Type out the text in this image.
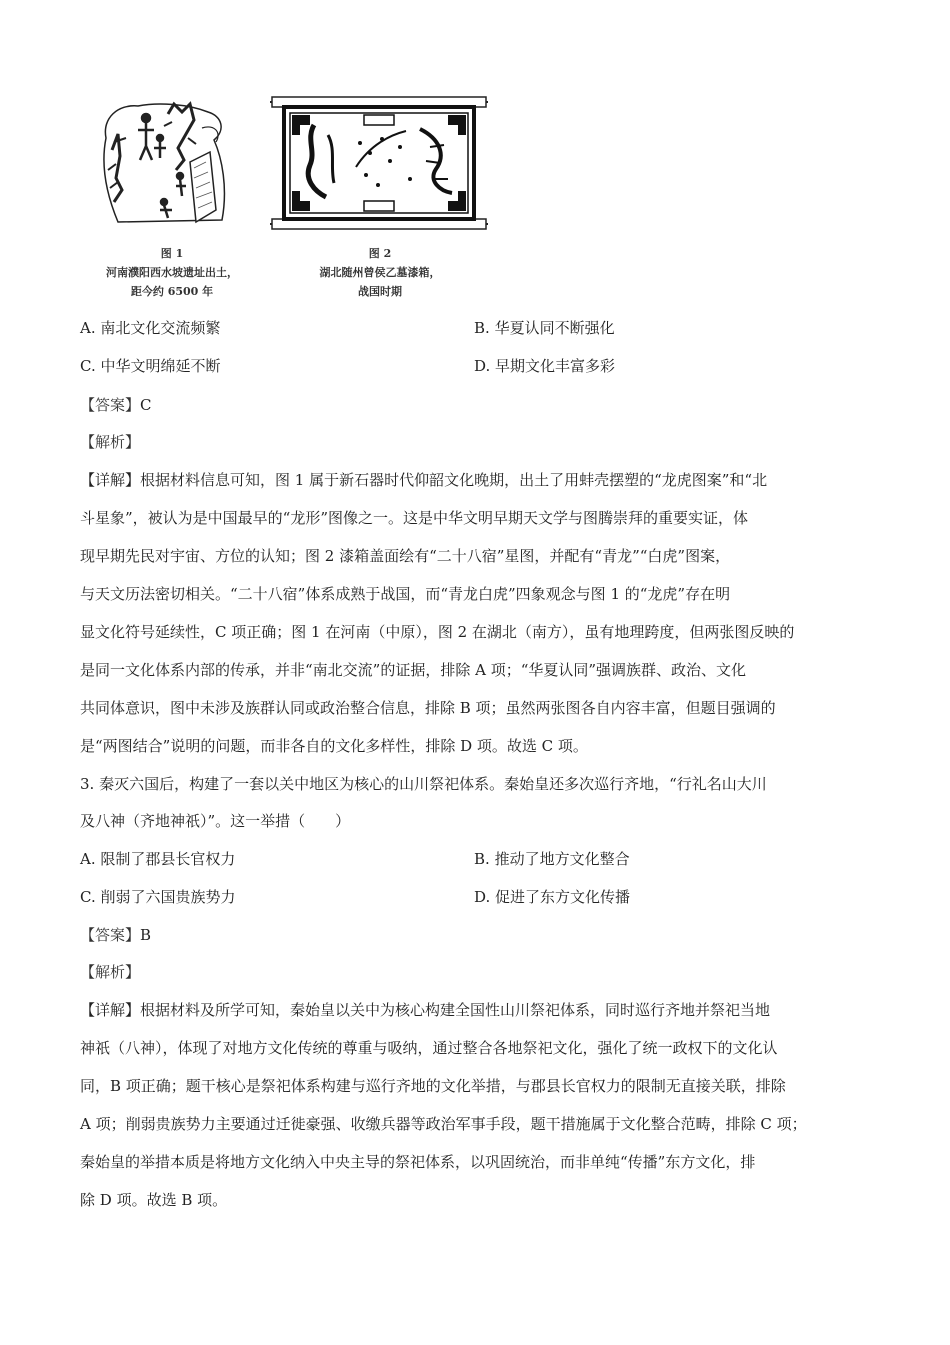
图 1
河南濮阳西水坡遗址出土，
距今约 6500 年
图 2
湖北随州曾侯乙墓漆箱，
战国时期
A. 南北文化交流频繁	B. 华夏认同不断强化
C. 中华文明绵延不断	D. 早期文化丰富多彩
【答案】C
【解析】
【详解】根据材料信息可知，图 1 属于新石器时代仰韶文化晚期，出土了用蚌壳摆塑的“龙虎图案”和“北
斗星象”，被认为是中国最早的“龙形”图像之一。这是中华文明早期天文学与图腾崇拜的重要实证，体
现早期先民对宇宙、方位的认知；图 2 漆箱盖面绘有“二十八宿”星图，并配有“青龙”“白虎”图案，
与天文历法密切相关。“二十八宿”体系成熟于战国，而“青龙白虎”四象观念与图 1 的“龙虎”存在明
显文化符号延续性，C 项正确；图 1 在河南（中原），图 2 在湖北（南方），虽有地理跨度，但两张图反映的
是同一文化体系内部的传承，并非“南北交流”的证据，排除 A 项；“华夏认同”强调族群、政治、文化
共同体意识，图中未涉及族群认同或政治整合信息，排除 B 项；虽然两张图各自内容丰富，但题目强调的
是“两图结合”说明的问题，而非各自的文化多样性，排除 D 项。故选 C 项。
3. 秦灭六国后，构建了一套以关中地区为核心的山川祭祀体系。秦始皇还多次巡行齐地，“行礼名山大川
及八神（齐地神祇）”。这一举措（　　）
A. 限制了郡县长官权力	B. 推动了地方文化整合
C. 削弱了六国贵族势力	D. 促进了东方文化传播
【答案】B
【解析】
【详解】根据材料及所学可知，秦始皇以关中为核心构建全国性山川祭祀体系，同时巡行齐地并祭祀当地
神祇（八神），体现了对地方文化传统的尊重与吸纳，通过整合各地祭祀文化，强化了统一政权下的文化认
同，B 项正确；题干核心是祭祀体系构建与巡行齐地的文化举措，与郡县长官权力的限制无直接关联，排除
A 项；削弱贵族势力主要通过迁徙豪强、收缴兵器等政治军事手段，题干措施属于文化整合范畴，排除 C 项；
秦始皇的举措本质是将地方文化纳入中央主导的祭祀体系，以巩固统治，而非单纯“传播”东方文化，排
除 D 项。故选 B 项。
